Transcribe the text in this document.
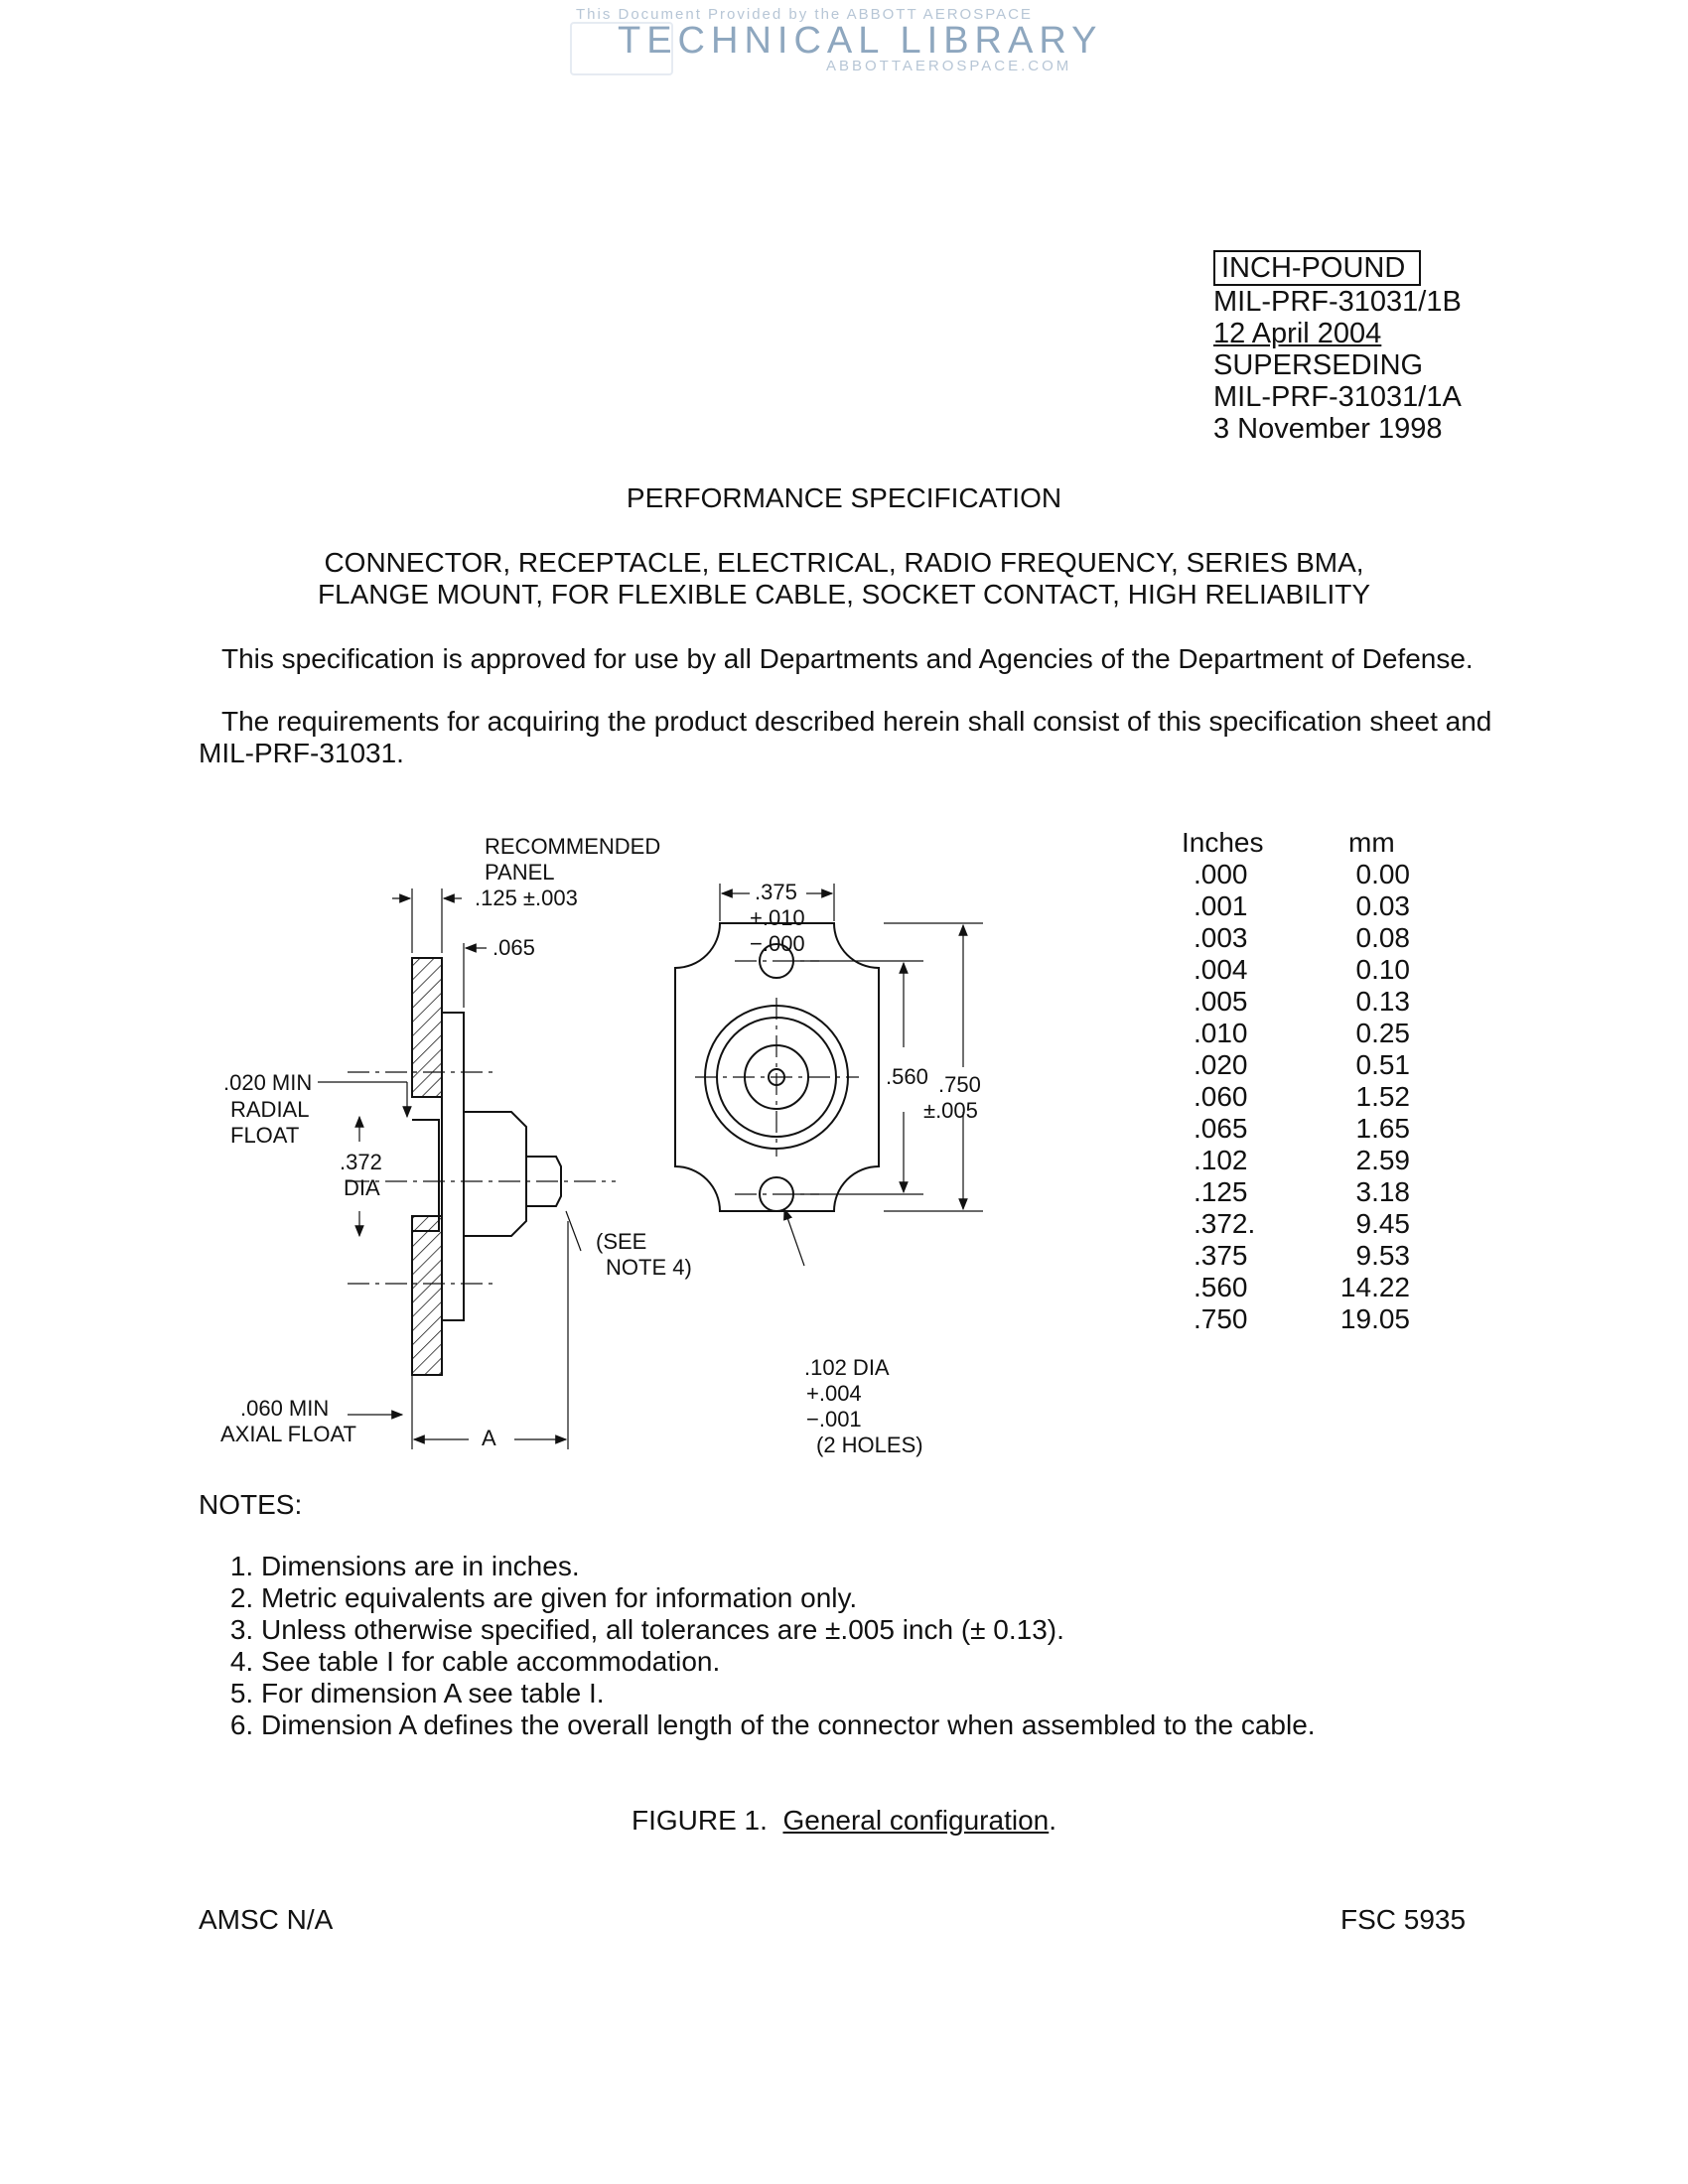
This Document Provided by the ABBOTT AEROSPACE
TECHNICAL LIBRARY
ABBOTTAEROSPACE.COM
INCH-POUND
MIL-PRF-31031/1B
12 April 2004
SUPERSEDING
MIL-PRF-31031/1A
3 November 1998
PERFORMANCE SPECIFICATION
CONNECTOR, RECEPTACLE, ELECTRICAL, RADIO FREQUENCY, SERIES BMA,
FLANGE MOUNT, FOR FLEXIBLE CABLE, SOCKET CONTACT, HIGH RELIABILITY
This specification is approved for use by all Departments and Agencies of the Department of Defense.
The requirements for acquiring the product described herein shall consist of this specification sheet and
MIL-PRF-31031.
RECOMMENDED
PANEL
.125 ±.003
.065
.020 MIN
RADIAL
FLOAT
.372
DIA
(SEE
NOTE 4)
.060 MIN
AXIAL FLOAT	A
.375
+.010
−.000
.560 .750
±.005
.102 DIA
+.004
−.001
(2 HOLES)
Inches
.000
.001
.003
.004
.005
.010
.020
.060
.065
.102
.125
.372.
.375
.560
.750
mm
0.00
0.03
0.08
0.10
0.13
0.25
0.51
1.52
1.65
2.59
3.18
9.45
9.53
14.22
19.05
NOTES:
1. Dimensions are in inches.
2. Metric equivalents are given for information only.
3. Unless otherwise specified, all tolerances are ±.005 inch (± 0.13).
4. See table I for cable accommodation.
5. For dimension A see table I.
6. Dimension A defines the overall length of the connector when assembled to the cable.
FIGURE 1. General configuration.
AMSC N/A	FSC 5935
